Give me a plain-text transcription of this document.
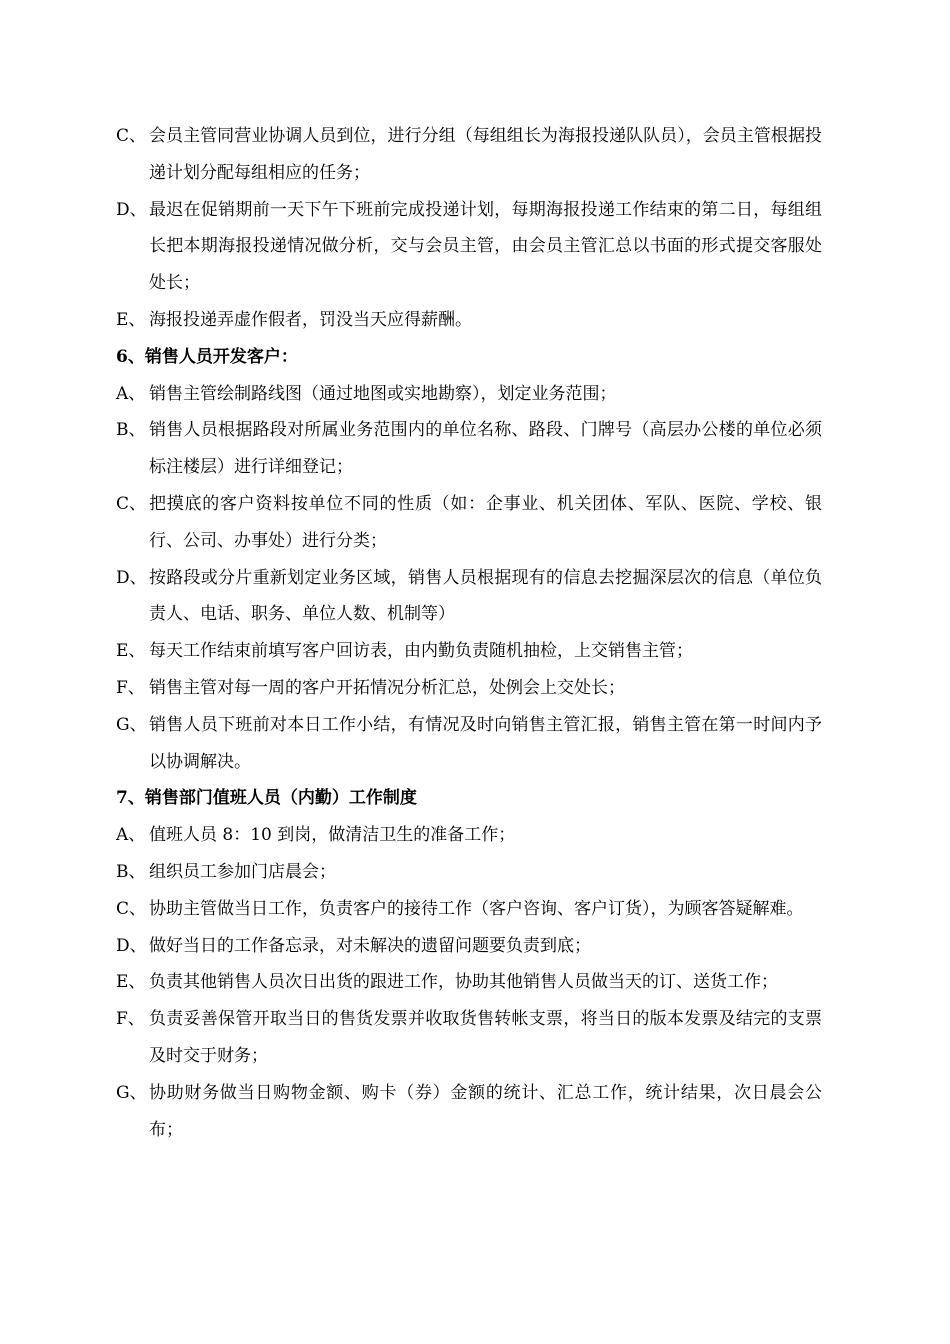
C、 会员主管同营业协调人员到位，进行分组（每组组长为海报投递队队员），会员主管根据投递计划分配每组相应的任务；
D、 最迟在促销期前一天下午下班前完成投递计划，每期海报投递工作结束的第二日，每组组长把本期海报投递情况做分析，交与会员主管，由会员主管汇总以书面的形式提交客服处处长；
E、 海报投递弄虚作假者，罚没当天应得薪酬。
6、销售人员开发客户：
A、 销售主管绘制路线图（通过地图或实地勘察），划定业务范围；
B、 销售人员根据路段对所属业务范围内的单位名称、路段、门牌号（高层办公楼的单位必须标注楼层）进行详细登记；
C、 把摸底的客户资料按单位不同的性质（如：企事业、机关团体、军队、医院、学校、银行、公司、办事处）进行分类；
D、 按路段或分片重新划定业务区域，销售人员根据现有的信息去挖掘深层次的信息（单位负责人、电话、职务、单位人数、机制等）
E、 每天工作结束前填写客户回访表，由内勤负责随机抽检，上交销售主管；
F、 销售主管对每一周的客户开拓情况分析汇总，处例会上交处长；
G、 销售人员下班前对本日工作小结，有情况及时向销售主管汇报，销售主管在第一时间内予以协调解决。
7、销售部门值班人员（内勤）工作制度
A、 值班人员 8：10 到岗，做清洁卫生的准备工作；
B、 组织员工参加门店晨会；
C、 协助主管做当日工作，负责客户的接待工作（客户咨询、客户订货），为顾客答疑解难。
D、 做好当日的工作备忘录，对未解决的遗留问题要负责到底；
E、 负责其他销售人员次日出货的跟进工作，协助其他销售人员做当天的订、送货工作；
F、 负责妥善保管开取当日的售货发票并收取货售转帐支票，将当日的版本发票及结完的支票及时交于财务；
G、 协助财务做当日购物金额、购卡（券）金额的统计、汇总工作，统计结果，次日晨会公布；
